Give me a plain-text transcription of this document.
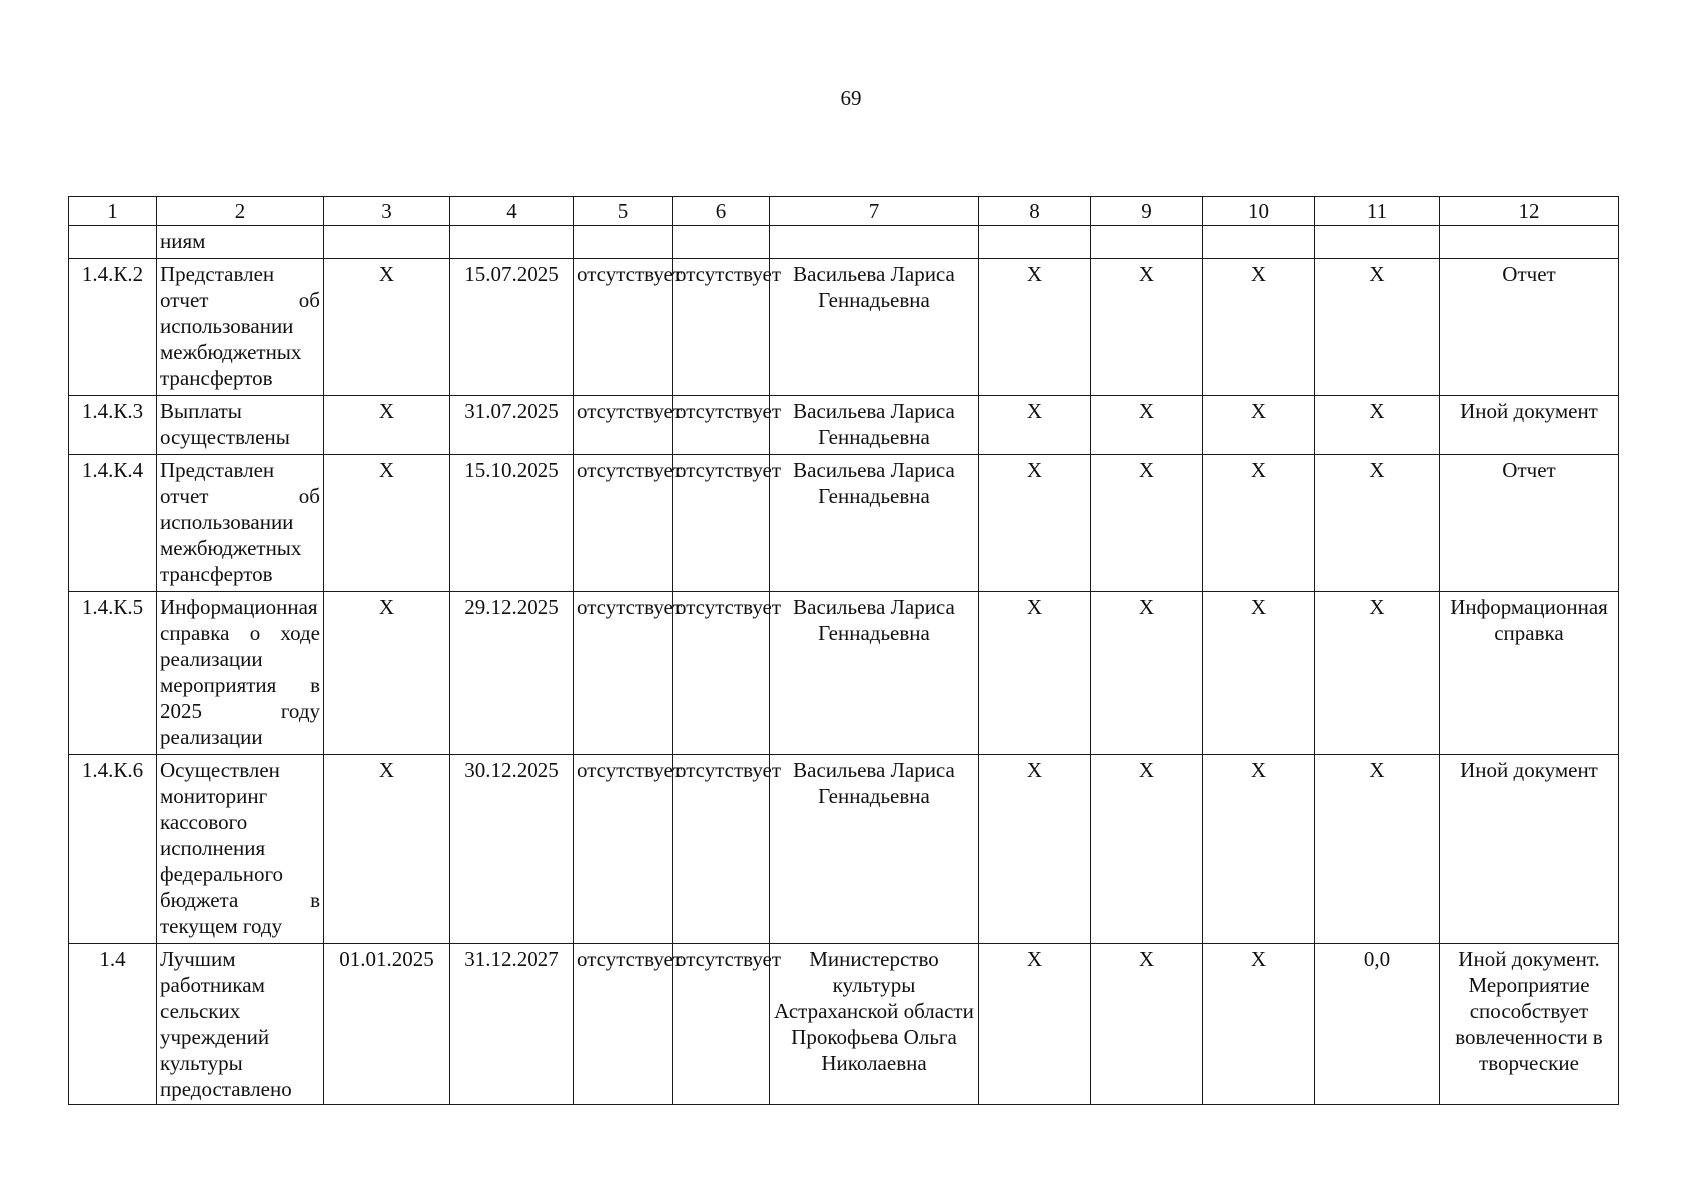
69
1	2	3	4	5	6	7	8	9	10	11	12
	ниям										
1.4.К.2	Представлен отчет об использовании межбюджетных трансфертов	X	15.07.2025	отсутствует	отсутствует	Васильева Лариса Геннадьевна	X	X	X	X	Отчет
1.4.К.3	Выплаты осуществлены	X	31.07.2025	отсутствует	отсутствует	Васильева Лариса Геннадьевна	X	X	X	X	Иной документ
1.4.К.4	Представлен отчет об использовании межбюджетных трансфертов	X	15.10.2025	отсутствует	отсутствует	Васильева Лариса Геннадьевна	X	X	X	X	Отчет
1.4.К.5	Информационная справка о ходе реализации мероприятия в 2025 году реализации	X	29.12.2025	отсутствует	отсутствует	Васильева Лариса Геннадьевна	X	X	X	X	Информационная справка
1.4.К.6	Осуществлен мониторинг кассового исполнения федерального бюджета в текущем году	X	30.12.2025	отсутствует	отсутствует	Васильева Лариса Геннадьевна	X	X	X	X	Иной документ
1.4	Лучшим работникам сельских учреждений культуры предоставлено	01.01.2025	31.12.2027	отсутствует	отсутствует	Министерство культуры Астраханской области Прокофьева Ольга Николаевна	X	X	X	0,0	Иной документ. Мероприятие способствует вовлеченности в творческие
